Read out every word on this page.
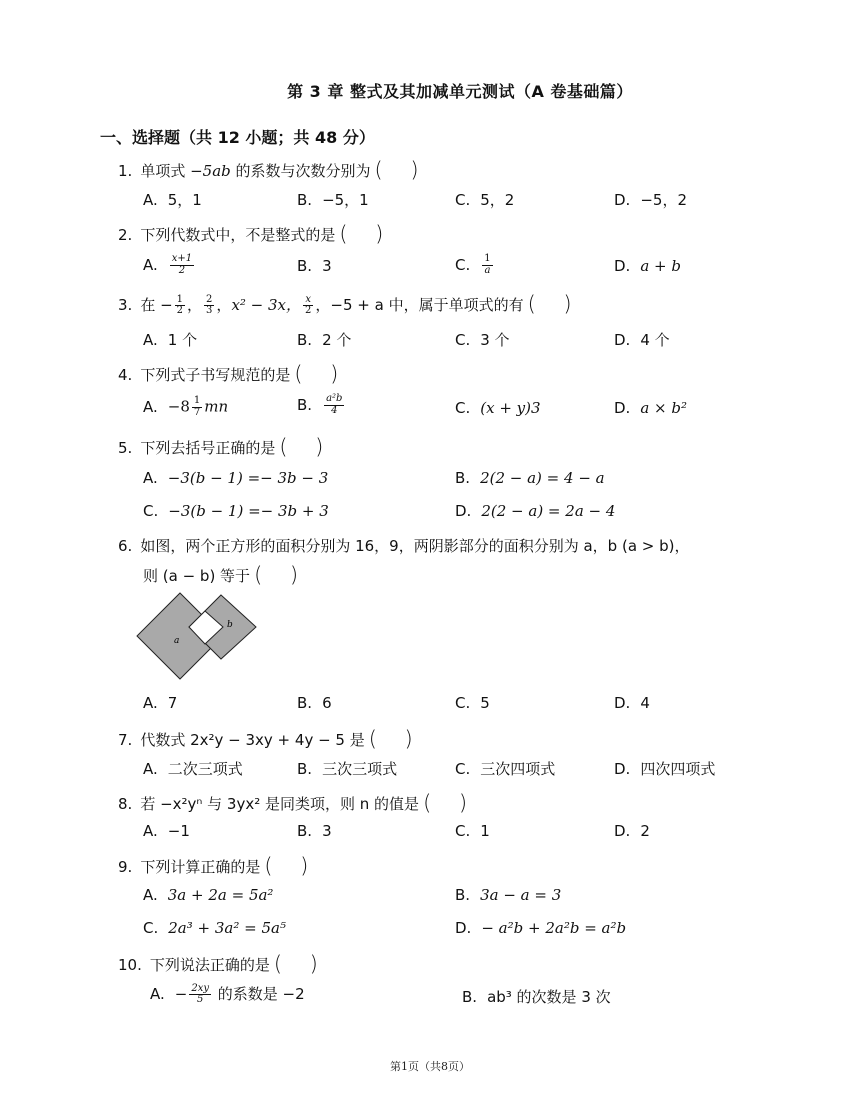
第 3 章 整式及其加减单元测试（A 卷基础篇）
一、选择题（共 12 小题；共 48 分）
1. 单项式 −5ab 的系数与次数分别为( )
A. 5，1	B. −5，1	C. 5，2	D. −5，2
2. 下列代数式中，不是整式的是( )
A. $\frac{x+1}{2}$	B. 3	C. $\frac{1}{a}$	D. a + b
3. 在 − $\frac{1}{2}$ ， $\frac{2}{3}$ ，x² − 3x， $\frac{x}{2}$ ，−5 + a 中，属于单项式的有( )
A. 1 个	B. 2 个	C. 3 个	D. 4 个
4. 下列式子书写规范的是( )
A. $-8 \frac{1}{7}$ mn	B. $\frac{\text{a²b}}{4}$	C. (x + y)3	D. a × b²
5. 下列去括号正确的是( )
A. −3(b − 1) =− 3b − 3	B. 2(2 − a) = 4 − a
C. −3(b − 1) =− 3b + 3	D. 2(2 − a) = 2a − 4
6. 如图，两个正方形的面积分别为 16，9，两阴影部分的面积分别为 a，b (a > b)，
则 (a − b) 等于( )
a
b
A. 7	B. 6	C. 5	D. 4
7. 代数式 2x²y − 3xy + 4y − 5 是( )
A. 二次三项式	B. 三次三项式	C. 三次四项式	D. 四次四项式
8. 若 −x²yⁿ 与 3yx² 是同类项，则 n 的值是( )
A. −1	B. 3	C. 1	D. 2
9. 下列计算正确的是( )
A. 3a + 2a = 5a²	B. 3a − a = 3
C. 2a³ + 3a² = 5a⁵	D. − a²b + 2a²b = a²b
10. 下列说法正确的是( )
A. − $\frac{2xy}{5}$ 的系数是 −2	B. ab³ 的次数是 3 次
第1页（共8页）
